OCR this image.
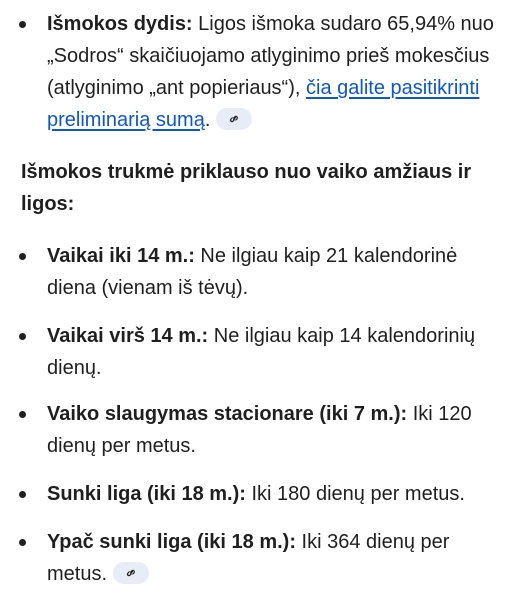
Išmokos dydis: Ligos išmoka sudaro 65,94% nuo „Sodros“ skaičiuojamo atlyginimo prieš mokesčius (atlyginimo „ant popieriaus“), čia galite pasitikrinti preliminarią sumą.
Išmokos trukmė priklauso nuo vaiko amžiaus ir ligos:
Vaikai iki 14 m.: Ne ilgiau kaip 21 kalendorinė diena (vienam iš tėvų).
Vaikai virš 14 m.: Ne ilgiau kaip 14 kalendorinių dienų.
Vaiko slaugymas stacionare (iki 7 m.): Iki 120 dienų per metus.
Sunki liga (iki 18 m.): Iki 180 dienų per metus.
Ypač sunki liga (iki 18 m.): Iki 364 dienų per metus.
